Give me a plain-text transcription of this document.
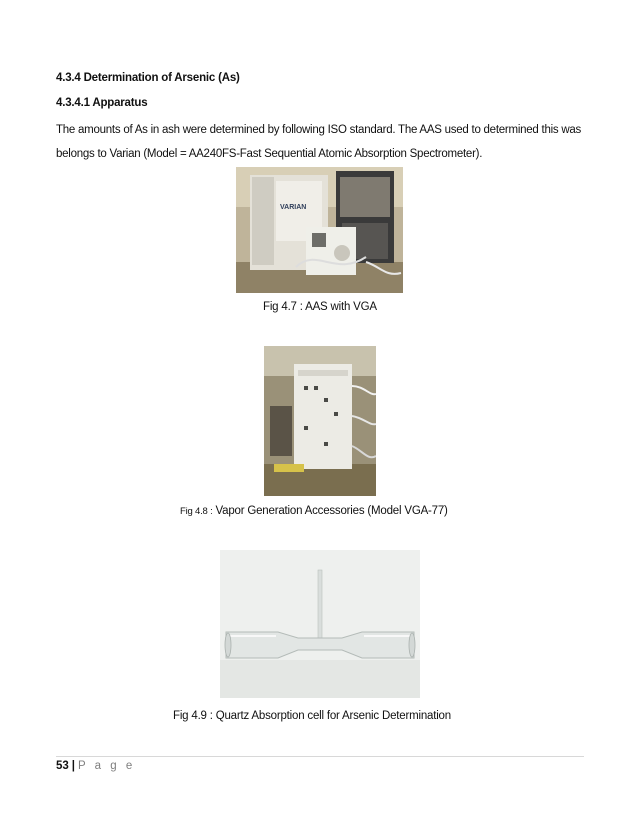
4.3.4 Determination of Arsenic (As)
4.3.4.1 Apparatus
The amounts of As in ash were determined by following ISO standard. The AAS used to determined this was belongs to Varian (Model = AA240FS-Fast Sequential Atomic Absorption Spectrometer).
VARIAN
Fig 4.7 : AAS with VGA
Fig 4.8 : Vapor Generation Accessories (Model VGA-77)
Fig 4.9 : Quartz Absorption cell for Arsenic Determination
53 | P a g e
